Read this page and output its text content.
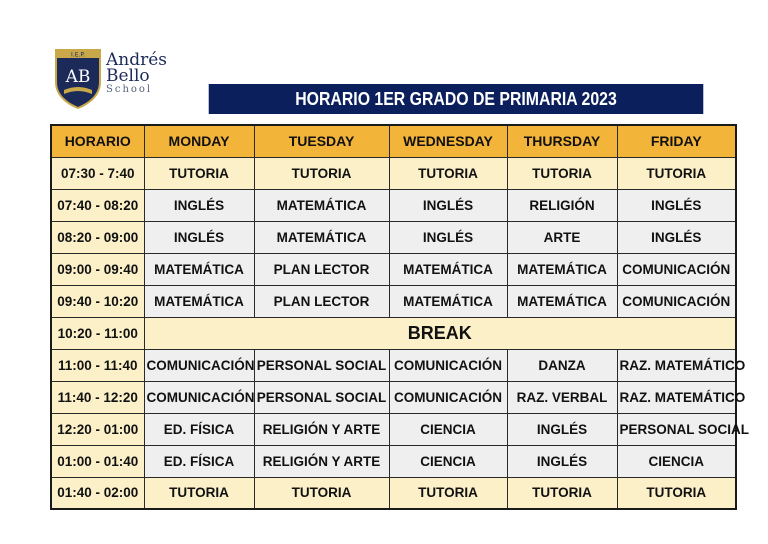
I.E.P.
AB
Andrés
Bello
School	HORARIO 1ER GRADO DE PRIMARIA 2023
HORARIO	MONDAY	TUESDAY	WEDNESDAY	THURSDAY	FRIDAY
07:30 - 7:40	TUTORIA	TUTORIA	TUTORIA	TUTORIA	TUTORIA
07:40 - 08:20	INGLÉS	MATEMÁTICA	INGLÉS	RELIGIÓN	INGLÉS
08:20 - 09:00	INGLÉS	MATEMÁTICA	INGLÉS	ARTE	INGLÉS
09:00 - 09:40	MATEMÁTICA	PLAN LECTOR	MATEMÁTICA	MATEMÁTICA	COMUNICACIÓN
09:40 - 10:20	MATEMÁTICA	PLAN LECTOR	MATEMÁTICA	MATEMÁTICA	COMUNICACIÓN
10:20 - 11:00	BREAK				
11:00 - 11:40	COMUNICACIÓN	PERSONAL SOCIAL	COMUNICACIÓN	DANZA	RAZ. MATEMÁTICO
11:40 - 12:20	COMUNICACIÓN	PERSONAL SOCIAL	COMUNICACIÓN	RAZ. VERBAL	RAZ. MATEMÁTICO
12:20 - 01:00	ED. FÍSICA	RELIGIÓN Y ARTE	CIENCIA	INGLÉS	PERSONAL SOCIAL
01:00 - 01:40	ED. FÍSICA	RELIGIÓN Y ARTE	CIENCIA	INGLÉS	CIENCIA
01:40 - 02:00	TUTORIA	TUTORIA	TUTORIA	TUTORIA	TUTORIA
